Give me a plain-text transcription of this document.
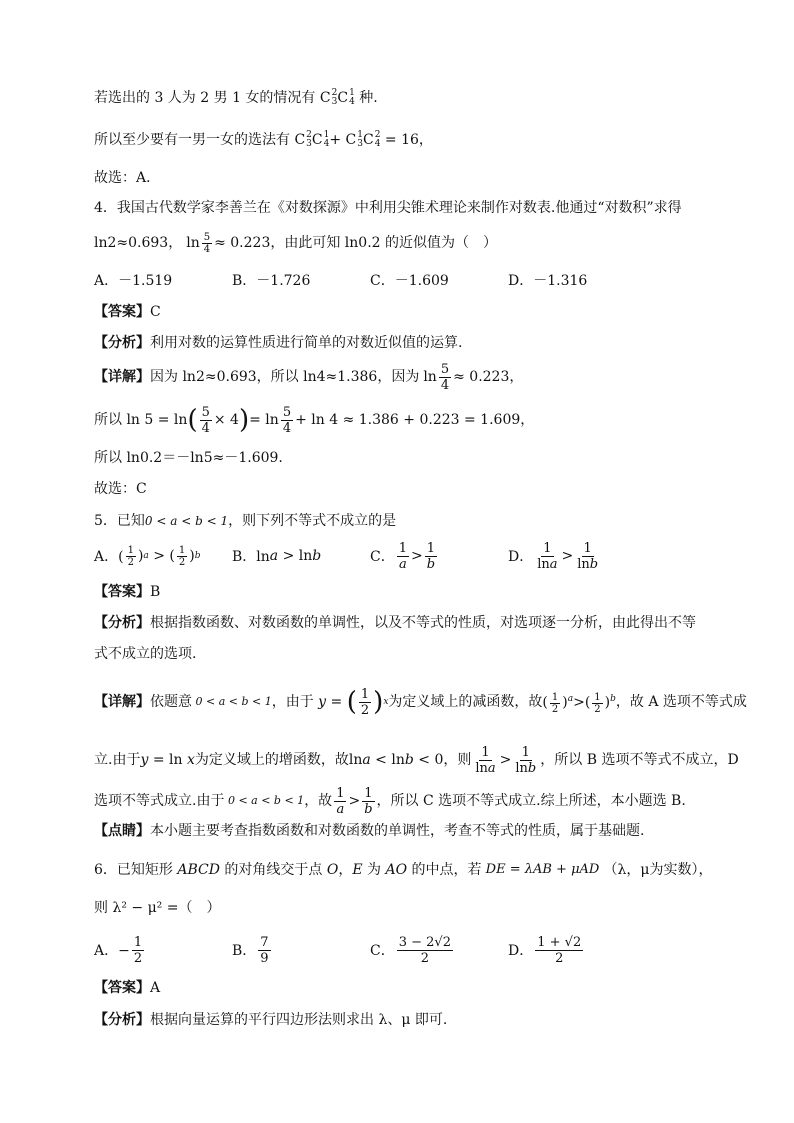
若选出的 3 人为 2 男 1 女的情况有 C 2
3 C 1
4 种.
所以至少要有一男一女的选法有 C 2
3 C 1
4 + C 1
3 C 2
4 = 16，
故选：A．
4．我国古代数学家李善兰在《对数探源》中利用尖锥术理论来制作对数表.他通过“对数积”求得
ln2≈0.693， $\ln \frac{5}{4} \approx 0.223$，由此可知 ln0.2 的近似值为（　）
A．－1.519	B．－1.726	C．－1.609	D．－1.316
【答案】C
【分析】利用对数的运算性质进行简单的对数近似值的运算.
【详解】 因为 ln2≈0.693，所以 ln4≈1.386，因为 $\ln \frac{5}{4} \approx 0.223$，
所以 ln 5 = ln ( $\frac{5}{4} \times 4$ ) = $\ln \frac{5}{4} + \ln 4 \approx 1.386 + 0.223 = 1.609$，
所以 ln0.2＝－ln5≈－1.609.
故选：C
5．已知0 < a < b < 1，则下列不等式不成立的是
A．( $\frac{1}{2}$ ) a > ( $\frac{1}{2}$ ) b B．ln a > ln b	C． $\frac{1}{a} > \frac{1}{b}$	D． $\frac{1}{\ln a} > \frac{1}{\ln b}$
【答案】B
【分析】根据指数函数、对数函数的单调性，以及不等式的性质，对选项逐一分析，由此得出不等
式不成立的选项.
【详解】 依题意 0 < a < b < 1 ，由于 y = ( $\frac{1}{2}$ ) x 为定义域上的减函数，故 ( $\frac{1}{2} )^a>( \frac{1}{2} )^b$ ，故 A 选项不等式成
立.由于 y = ln x 为定义域上的增函数，故 lna < lnb < 0 ，则 $\frac{1}{\ln a} > \frac{1}{\ln b}$ ，所以 B 选项不等式不成立，D
选项不等式成立.由于 0 < a < b < 1 ，故 $\frac{1}{a} > \frac{1}{b}$ ，所以 C 选项不等式成立.综上所述，本小题选 B.
【点睛】本小题主要考查指数函数和对数函数的单调性，考查不等式的性质，属于基础题.
6．已知矩形 ABCD 的对角线交于点 O ， E 为 AO 的中点，若 DE = λAB + μAD （λ，μ为实数），
则 λ² − μ² =（　）
A．− $\frac{1}{2}$	B． $\frac{7}{9}$	C． $\frac{3 - 2√2}{2}$	D． $\frac{1 + √2}{2}$
【答案】A
【分析】根据向量运算的平行四边形法则求出 λ、μ 即可.
